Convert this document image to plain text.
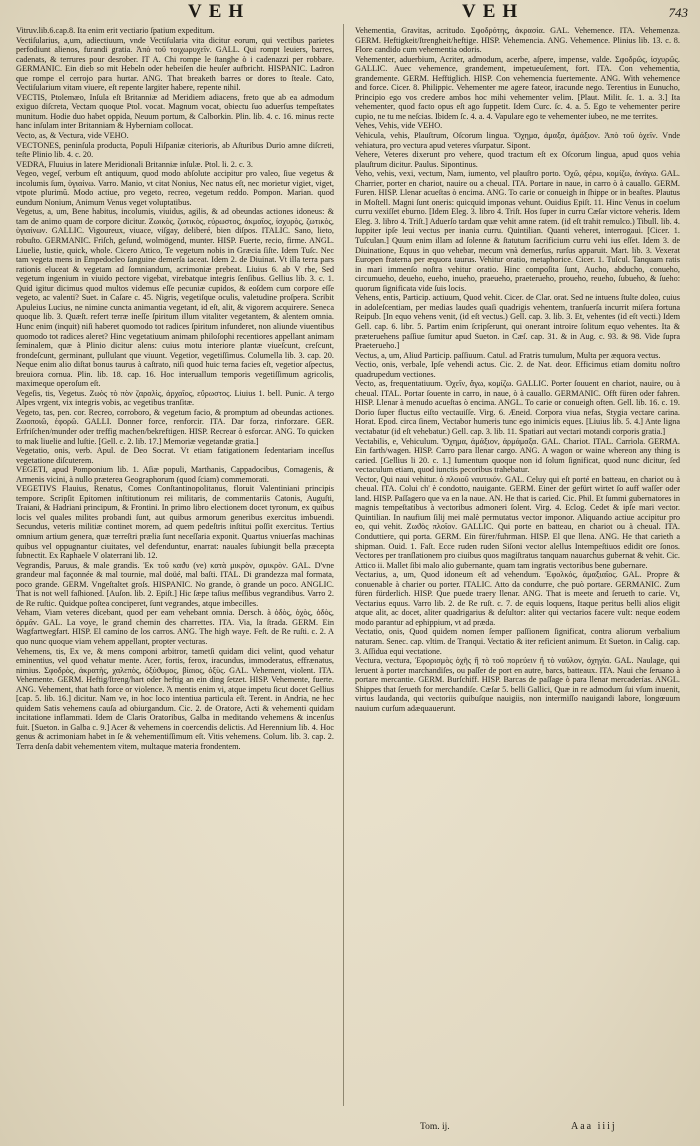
VEH	VEH	743

Vitruv.lib.6.cap.8. Ita enim erit vectiario ſpatium expeditum.

Vectiſularius, a,um, adiectiuum, vnde Vectiſularia vita dicitur eorum, qui vectibus parietes perfodiunt alienos, furandi gratia. Ἀπὸ τοῦ τοιχωρυχεῖν. GALL. Qui rompt leuiers, barres, cadenats, & terrures pour desrober. IT A. Chi rompe le ſtanghe ò i cadenazzi per robbare. GERMANIC. Ein dieb so mit Hebeln oder hebeiſen die heuſer aufbricht. HISPANIC. Ladron que rompe el cerrojo para hurtar. ANG. That breaketh barres or dores to ſteale. Cato, Vectiſularium vitam viuere, eſt repente largiter habere, repente nihil.

VECTIS, Ptolemæo, Inſula eſt Britanniæ ad Meridiem adiacens, freto que ab ea admodum exiguo diſcreta, Vectam quoque Ptol. vocat. Magnum vocat, obiectu ſuo aduerſus tempeſtates munitum. Hodie duo habet oppida, Neuum portum, & Calborkin. Plin. lib. 4. c. 16. minus recte hanc inſulam inter Britanniam & Hyberniam collocat.

Vecto, as, & Vectura, vide VEHO.

VECTONES, peninſula producta, Populi Hiſpaniæ citerioris, ab Aſturibus Durio amne diſcreti, teſte Plinio lib. 4. c. 20.

VEDRA, Fluuius in latere Meridionali Britanniæ inſulæ. Ptol. li. 2. c. 3.

Vegeo, vegeſ, verbum eſt antiquum, quod modo abſolute accipitur pro valeo, ſiue vegetus & incolumis ſum, ὑγιαίνω. Varro. Manio, vt citat Nonius, Nec natus eſt, nec morietur vigiet, viget, vtpote plurimũ. Modo actiue, pro vegeto, recreo, vegetum reddo. Pompon. Marian. quod eundum Nonium, Animum Venus veget voluptatibus.

Vegetus, a, um, Bene habitus, incolumis, viuidus, agilis, & ad obeundas actiones idoneus: & tam de animo quam de corpore dicitur. Ζωικὸς, ζωτικὸς, εὐρωστος, ἀκμαῖος, ἰσχυρὸς, ζωτικὸς, ὑγιαίνων. GALLIC. Vigoureux, viuace, viſgay, deliberé, bien diſpos. ITALIC. Sano, lieto, robuſto. GERMANIC. Friſch, geſund, wolmögend, munter. HISP. Fuerte, recio, firme. ANGL. Liuelie, lustie, quick, whole. Cicero Attico, Te vegetum nobis in Græcia ſiſte. Idem Tuſc. Nec tam vegeta mens in Empedocleo ſanguine demerſa iaceat. Idem 2. de Diuinat. Vt illa terra pars rationis eluceat & vegetam ad ſomniandum, acrimoniæ prebeat. Liuius 6. ab V rbe, Sed vegetum ingenium in viuido pectore vigebat, virebatque integris ſenſibus. Gellius lib. 3. c. 1. Quid igitur dicimus quod multos videmus eſſe pecuniæ cupidos, & eoſdem cum corpore eſſe vegeto, ac valenti? Suet. in Caſare c. 45. Nigris, vegetiſque oculis, valetudine proſpera. Scribit Apuleius Lucius, ne nimine cuncta animantia vegetant, id eſt, alit, & vigorem acquirere. Seneca quoque lib. 3. Quæſt. refert terræ ineſſe ſpiritum illum vitaliter vegetantem, & alentem omnia. Hunc enim (inquit) niſi haberet quomodo tot radices ſpiritum infunderet, non aliunde viuentibus quomodo tot radices aleret? Hinc vegetatiuum animam philoſophi recentiores appellant animam ſeminalem, quæ à Plinio dicitur alens: cuius motu interiore plantæ viueſcunt, creſcunt, frondeſcunt, germinant, pullulant que viuunt. Vegetior, vegetiſſimus. Columella lib. 3. cap. 20. Neque enim alio diſtat bonus taurus à caſtrato, niſi quod huic terna facies eſt, vegetior aſpectus, breuiora cornua. Plin. lib. 18. cap. 16. Hoc interuallum temporis vegetiſſimum agricolis, maximeque operoſum eſt.

Vegeſis, tis, Vegetus. Ζωὸς τὸ πὸν ζαραλὶς, ἀρχαῖος, εὔρωστος. Liuius 1. bell. Punic. A tergo Alpes vrgent, vix integris vobis, ac vegetibus tranſitæ.

Vegeto, tas, pen. cor. Recreo, corroboro, & vegetum facio, & promptum ad obeundas actiones. Ζωοποιῶ, ἐφορῶ. GALLI. Donner force, renforcir. ITA. Dar forza, rinforzare. GER. Erfriſchen/munder oder treffig machen/bekreftigen. HISP. Recrear ò esforcar. ANG. To quicken to mak liuelie and luſtie. [Gell. c. 2. lib. 17.] Memoriæ vegetandæ gratia.]

Vegetatio, onis, verb. Apul. de Deo Socrat. Vt etiam fatigationem ſedentariam inceſſus vegetatione diſcuterem.

VEGETI, apud Pomponium lib. 1. Aſiæ populi, Marthanis, Cappadocibus, Comagenis, & Armenis vicini, à nullo præterea Geographorum (quod ſciam) commemorati.

VEGETIVS Flauius, Renatus, Comes Conſtantinopolitanus, floruit Valentiniani principis tempore. Scripſit Epitomen inſtitutionum rei militaris, de commentariis Catonis, Auguſti, Traiani, & Hadriani principum, & Frontini. In primo libro electionem docet tyronum, ex quibus locis vel quales milites probandi ſunt, aut quibus armorum generibus exercitus imbuendi. Secundus, veteris militiæ continet morem, ad quem pedeſtris inſtitui poſſit exercitus. Tertius omnium artium genera, quæ terreſtri prælia ſunt neceſſaria exponit. Quartus vniuerſas machinas quibus vel oppugnantur ciuitates, vel defenduntur, enarrat: nauales ſubiungit bella præcepta ſubnectit. Ex Raphaele V olaterrani lib. 12.

Vegrandis, Paruus, & male grandis. Ἐκ τοῦ καϑυ (ve) κατὰ μικρὸν, σμικρὸν. GAL. D'vne grandeur mal façonnée & mal tournie, mal doüé, mal baſti. ITAL. Di grandezza mal formata, poco grande. GERM. Vngeſtaltet groſs. HISPANIC. No grande, ò grande un poco. ANGLIC. That is not well faſhioned. [Auſon. lib. 2. Epiſt.] Hic ſæpe taſius meſſibus vegrandibus. Varro 2. de Re ruſtic. Quidque poſtea conciperet, ſunt vegrandes, atque imbecilles.

Veham, Viam veteres dicebant, quod per eam vehebant omnia. Dersch. à ὁδὸς, ὀχὸς, ὁδὸς, ὁρμᾶν. GAL. La voye, le grand chemin des charrettes. ITA. Via, la ſtrada. GERM. Ein Wagfartwegfart. HISP. El camino de los carros. ANG. The high waye. Feſt. de Re ruſti. c. 2. A quo nunc quoque viam vehem appellant, propter vecturas.

Vehemens, tis, Ex ve, & mens componi arbitror, tametſi quidam dici velint, quod vehatur eminentius, vel quod vehatur mente. Acer, fortis, ferox, iracundus, immoderatus, effrænatus, nimius. Σφοδρὸς, ἀκρατὴς, χαλεπὸς, ὀξύϑυμος, βίαιος, ὀξὺς. GAL. Vehement, violent. ITA. Vehemente. GERM. Heftig/ſtreng/hart oder heftig an ein ding ſetzet. HISP. Vehemente, fuerte. ANG. Vehement, that hath force or violence. Ἀ mentis enim vi, atque impetu ſicut docet Gellius [cap. 5. lib. 16.] dicitur. Nam ve, in hoc loco intentiua particula eſt. Terent. in Andria, ne hec quidem Satis vehemens cauſa ad obiurgandum. Cic. 2. de Oratore, Acti & vehementi quidam incitatione inflammati. Idem de Claris Oratoribus, Galba in meditando vehemens & incenſus fuit. [Sueton. in Galba c. 9.] Acer & vehemens in coercendis delictis. Ad Herennium lib. 4. Hoc genus & acrimoniam habet in ſe & vehementiſſimum eſt. Vitis vehemens. Colum. lib. 3. cap. 2. Terra denſa dabit vehementem vitem, multaque materia frondentem.

Vehementia, Gravitas, acritudo. Σφοδρότης, ἀκρασία. GAL. Vehemence. ITA. Vehemenza. GERM. Heftigkeit/ſtrengheit/heftige. HISP. Vehemencia. ANG. Vehemence. Plinius lib. 13. c. 8. Flore candido cum vehementia odoris.

Vehementer, aduerbium, Acriter, admodum, acerbe, aſpere, impense, valde. Σφοδρῶς, ἰσχυρῶς. GALLIC. Auec vehemence, grandement, impetueuſement, fort. ITA. Con vehementia, grandemente. GERM. Hefftiglich. HISP. Con vehemencia fuertemente. ANG. With vehemence and force. Cicer. 8. Philippic. Vehementer me agere fateor, iracunde nego. Terentius in Eunucho, Principio ego vos credere ambos hoc mihi vehementer velim. [Plaut. Milit. ſc. 1. a. 3.] Ita vehementer, quod facto opus eſt ago ſuppetit. Idem Curc. ſc. 4. a. 5. Ego te vehementer perire cupio, ne tu me neſcias. Ibidem ſc. 4. a. 4. Vapulare ego te vehementer iubeo, ne me territes.

Vehes, Vehis, vide VEHO.

Vehicula, vehis, Plauſtrum, Oſcorum lingua. Ὄχημα, ἀμαξα, ἀμάξιον. Ἀπὸ τοῦ ὀχεῖν. Vnde vehiatura, pro vectura apud veteres vſurpatur. Sipont.

Vehere, Veteres dixerunt pro vehere, quod tractum eſt ex Oſcorum lingua, apud quos vehia plauſtrum dicitur. Paulus. Sipontinus.

Veho, vehis, vexi, vectum, Nam, iumento, vel plauſtro porto. Ὀχῶ, φέρω, κομίζω, ἀνάγω. GAL. Charrier, porter en chariot, nauire ou a cheual. ITA. Portare in naue, in carro ò à cauallo. GERM. Furen. HISP. Llenar acueſtas ò encima. ANG. To carie or conueigh in ſhippe or in beaſtes. Plautus in Moſtell. Magni ſunt oneris: quicquid imponas vehunt. Ouidius Epiſt. 11. Hinc Venus in coelum curru vexiſſet eburno. [Idem Eleg. 3. libro 4. Triſt. Hos ſuper in curru Cæſar victore veheris. Idem Eleg. 3. libro 4. Triſt.] Aduerſo tardam quæ vehit amne ratem. (id eſt trahit remulco.) Tibull. lib. 4. Iuppiter ipſe leui vectus per inania curru. Quintilian. Quanti veheret, interrogaui. [Cicer. 1. Tuſculan.] Quum enim illam ad ſolenne & ſtatutum ſacrificium curru vehi ius eſſet. Idem 3. de Diuinatione, Equus in quo vehebar, mecum vnà demerſus, rurſus apparuit. Mart. lib. 3. Vexerat Europen fraterna per æquora taurus. Vehitur oratio, metaphorice. Cicer. 1. Tuſcul. Tanquam ratis in mari immenſo noſtra vehitur oratio. Hinc compoſita ſunt, Aucho, abducho, conueho, circumueho, deueho, eueho, inueho, praeueho, praeterueho, proueho, reueho, ſubueho, & ſueho: quorum ſignificata vide ſuis locis.

Vehens, entis, Particip. actiuum, Quod vehit. Cicer. de Clar. orat. Sed ne intuens ſtulte doleo, cuius in adoleſcentiam, per medias laudes quaſi quadrigis vehentem, tranſuerſa incurrit miſera fortuna Reipub. [In equo vehens venit, (id eſt vectus.) Gell. cap. 3. lib. 3. Et, vehentes (id eſt vecti.) Idem Gell. cap. 6. libr. 5. Partim enim ſcripſerunt, qui onerant introire ſolitum equo vehentes. Ita & præteruehens paſſiue ſumitur apud Sueton. in Cæſ. cap. 31. & in Aug. c. 93. & 98. Vide ſupra Praeterueho.]

Vectus, a, um, Aliud Particip. paſſiuum. Catul. ad Fratris tumulum, Multa per æquora vectus.

Vectio, onis, verbale, Ipſe vehendi actus. Cic. 2. de Nat. deor. Efficimus etiam domitu noſtro quadrupedum vectiones.

Vecto, as, frequentatiuum. Ὀχεῖν, ἄγω, κομίζω. GALLIC. Porter ſouuent en chariot, nauire, ou à cheual. ITAL. Portar ſouente in carro, in naue, ò à cauallo. GERMANIC. Offt füren oder fahren. HISP. Llenar à menudo acueſtas ò encima. ANGL. To carie or conueigh often. Gell. lib. 16. c. 19. Dorio ſuper fluctus eiſto vectauiſſe. Virg. 6. Æneid. Corpora viua nefas, Stygia vectare carina. Horat. Epod. circa ſinem, Vectabor humeris tunc ego inimicis eques. [Liuius lib. 5. 4.] Ante ligna vectabatur (id eſt vehebatur.) Gell. cap. 3. lib. 11. Spatiari aut vectari motandi corporis gratia.]

Vectabilis, e, Vehiculum. Ὄχημα, ἀμάξιον, ἀρμάμαξα. GAL. Chariot. ITAL. Carriola. GERMA. Ein farth/wagen. HISP. Carro para llenar cargo. ANG. A wagon or waine whereon any thing is caried. [Gellius li 20. c. 1.] Iumentum quoque non id ſolum ſignificat, quod nunc dicitur, ſed vectaculum etiam, quod iunctis pecoribus trahebatur.

Vector, Qui naui vehitur. ὁ πλοιοῦ ναυτικόν. GAL. Celuy qui eſt porté en batteau, en chariot ou à cheual. ITA. Colui ch' è condotto, nauigante. GERM. Einer der gefürt wirtet ſo auff waſſer oder land. HISP. Paſſagero que va en la naue. AN. He that is caried. Cic. Phil. Et ſummi gubernatores in magnis tempeſtatibus à vectoribus admoneri ſolent. Virg. 4. Eclog. Cedet & ipſe mari vector. Quintilian. In naufium ſilij mei malè permutatus vector imponor. Aliquando actiue accipitur pro eo, qui vehit. Ζωϑὸς πλοῖον. GALLIC. Qui porte en batteau, en chariot ou à cheual. ITA. Conduttiere, qui porta. GERM. Ein fürer/fuhrman. HISP. El que llena. ANG. He that carieth a shipman. Ouid. 1. Faſt. Ecce ruden ruden Siſoni vector alellus Intempeſtiuos edidit ore ſonos. Vectores per tranſlationem pro ciuibus quos magiſtratus tanquam nauarchus gubernat & vehit. Cic. Attico ii. Mallet ſibi malo alio gubernante, quam tam ingratis vectoribus bene gubernare.

Vectarius, a, um, Quod idoneum eſt ad vehendum. Ἐφολκός, ἀμαξιαῖος. GAL. Propre & conuenable à charier ou porter. ITALIC. Atto da condurre, che può portare. GERMANIC. Zum füren fürderlich. HISP. Que puede traery llenar. ANG. That is meete and ſerueth to carie. Vt, Vectarius equus. Varro lib. 2. de Re ruſt. c. 7. de equis loquens, Itaque peritus belli alios eligit atque alit, ac docet, aliter quadrigarius & deſultor: aliter qui vectarios facere vult: neque eodem modo parantur ad ephippium, vt ad præda.

Vectatio, onis, Quod quidem nomen ſemper paſſionem ſignificat, contra aliorum verbalium naturam. Senec. cap. vltim. de Tranqui. Vectatio & iter reficient animum. Et Sueton. in Calig. cap. 3. Aſſidua equi vectatione.

Vectura, vectura, Ἐφορισμὸς ὀχῆς ἢ τὸ τοῦ πορεύειν ἢ τὸ ναῦλον, ὀχηγία. GAL. Naulage, qui leruent à porter marchandiſes, ou paſſer de port en autre, barcs, batteaux. ITA. Naui che ſeruano à portare mercantie. GERM. Burſchiff. HISP. Barcas de paſſage ò para llenar mercaderías. ANGL. Shippes that ſerueth for merchandiſe. Cæſar 5. belli Gallici, Quæ in re admodum ſui vſum inuenit, virtus laudanda, qui vectoriis quibuſque nauigiis, non intermiſſo nauigandi labore, longœuum nauium curſum adæquauerunt.

Tom. ij.	Aaa iiij
